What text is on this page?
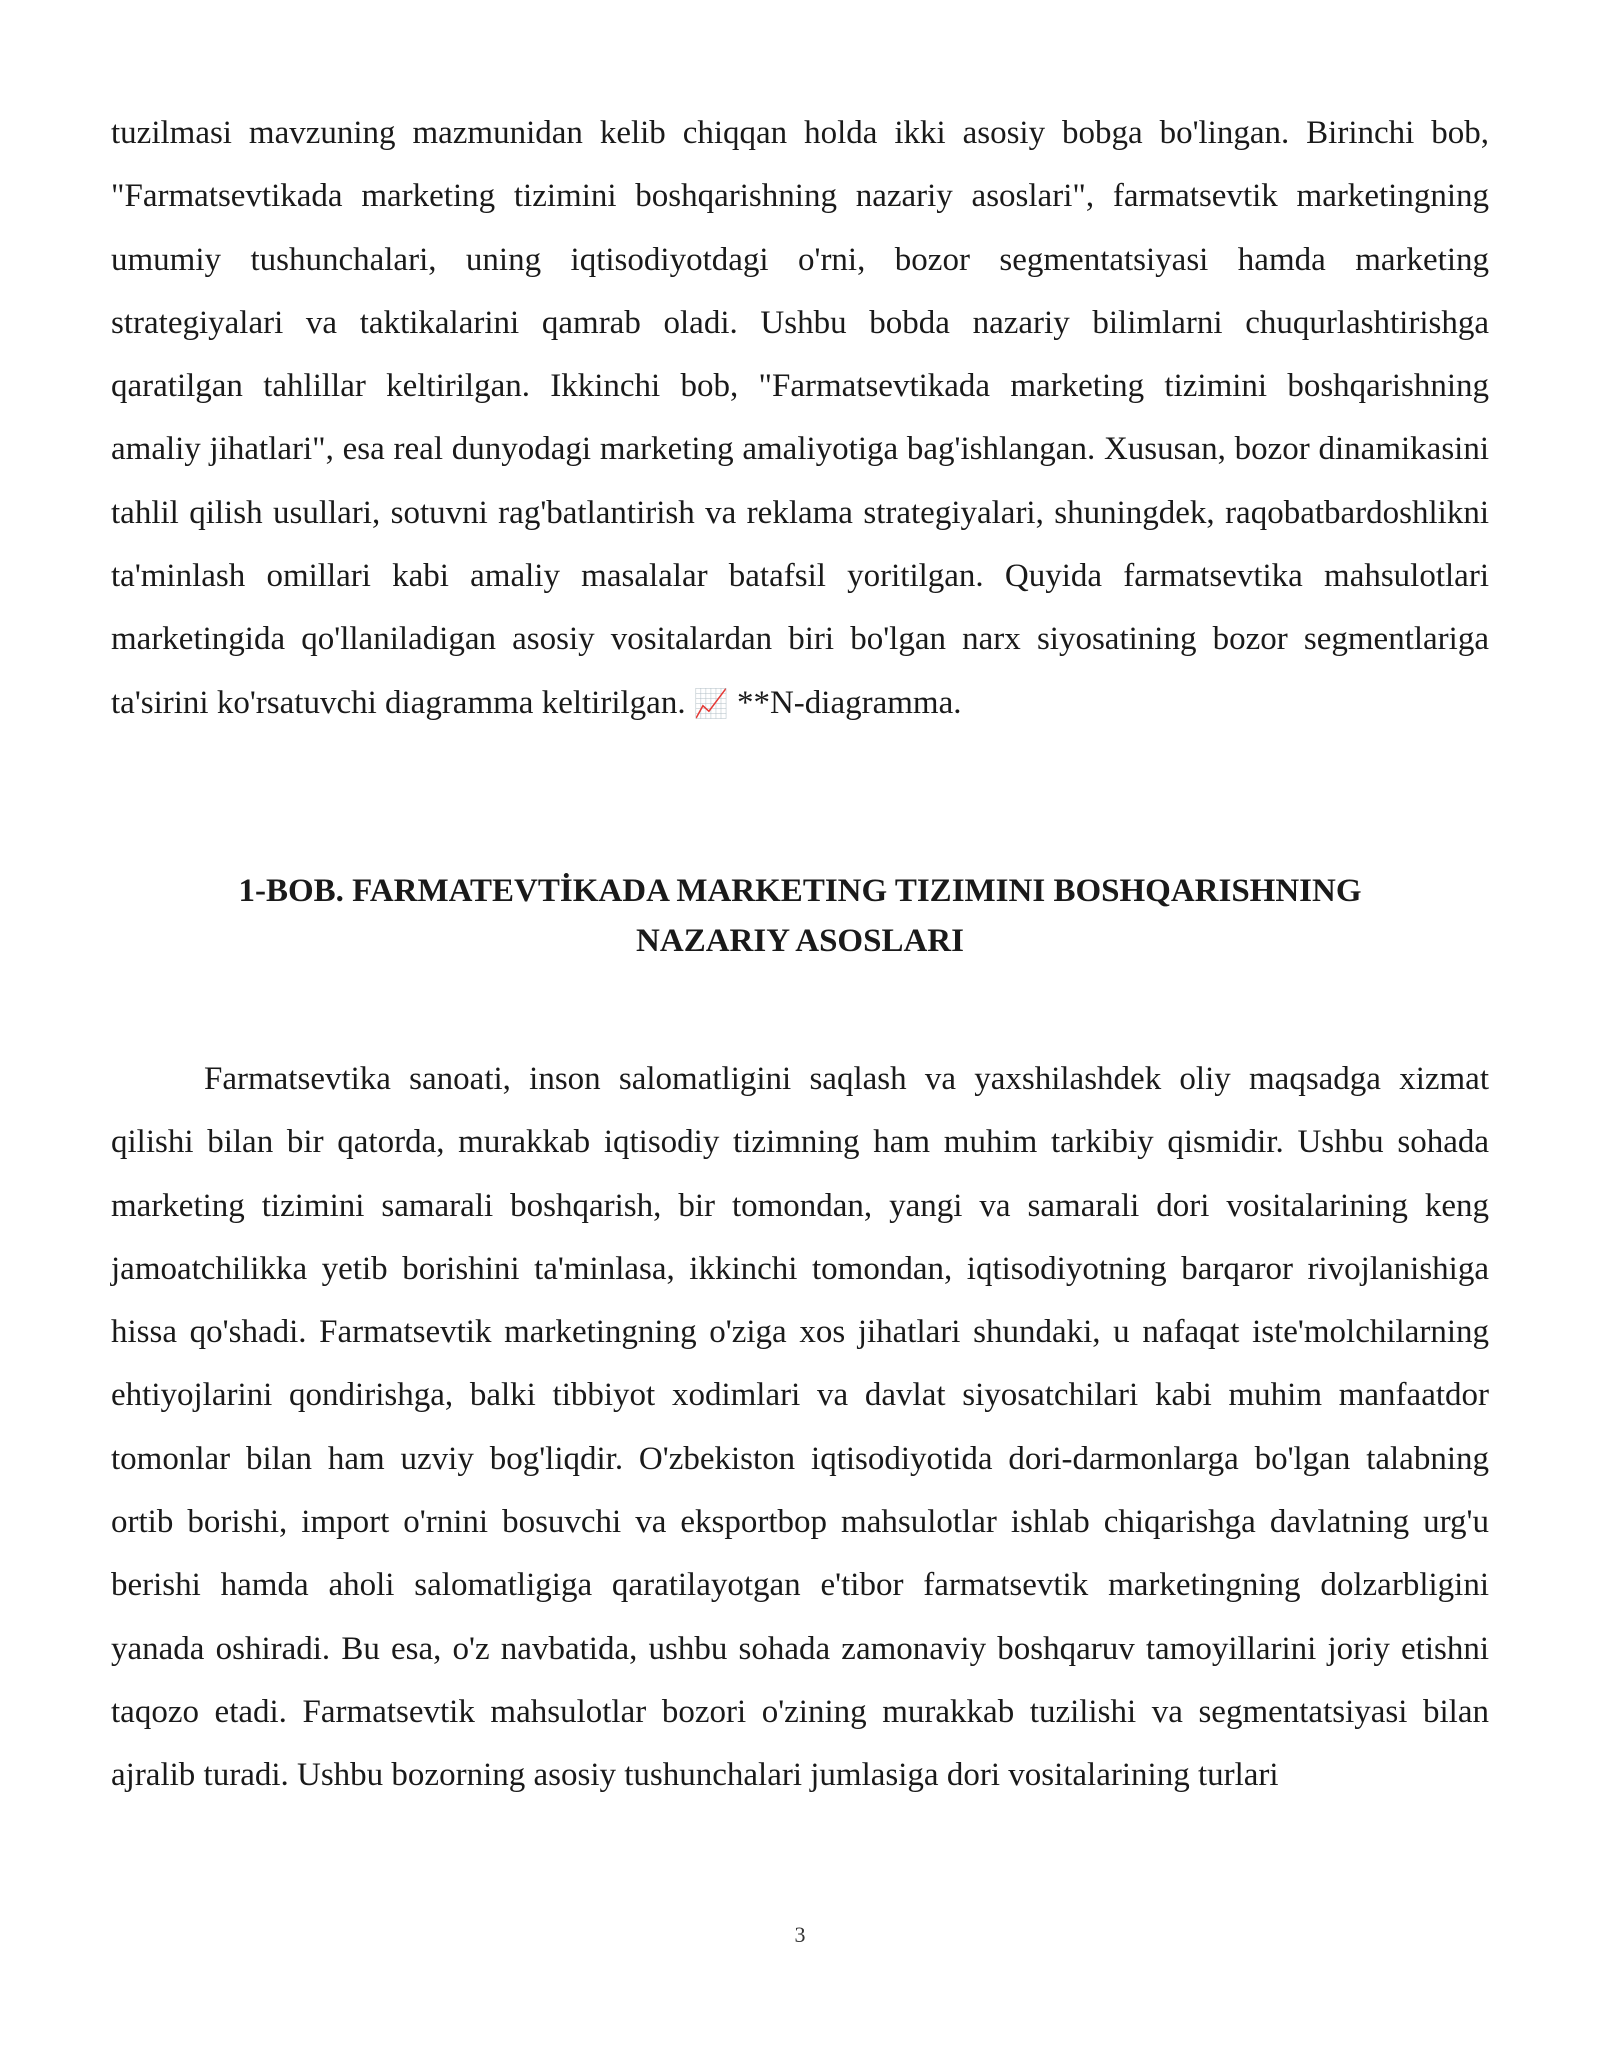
tuzilmasi mavzuning mazmunidan kelib chiqqan holda ikki asosiy bobga bo'lingan. Birinchi bob, "Farmatsevtikada marketing tizimini boshqarishning nazariy asoslari", farmatsevtik marketingning umumiy tushunchalari, uning iqtisodiyotdagi o'rni, bozor segmentatsiyasi hamda marketing strategiyalari va taktikalarini qamrab oladi. Ushbu bobda nazariy bilimlarni chuqurlashtirishga qaratilgan tahlillar keltirilgan. Ikkinchi bob, "Farmatsevtikada marketing tizimini boshqarishning amaliy jihatlari", esa real dunyodagi marketing amaliyotiga bag'ishlangan. Xususan, bozor dinamikasini tahlil qilish usullari, sotuvni rag'batlantirish va reklama strategiyalari, shuningdek, raqobatbardoshlikni ta'minlash omillari kabi amaliy masalalar batafsil yoritilgan. Quyida farmatsevtika mahsulotlari marketingida qo'llaniladigan asosiy vositalardan biri bo'lgan narx siyosatining bozor segmentlariga ta'sirini ko'rsatuvchi diagramma keltirilgan. 📈 **N-diagramma.

1-BOB. FARMATEVTİKADA MARKETING TIZIMINI BOSHQARISHNING
NAZARIY ASOSLARI

Farmatsevtika sanoati, inson salomatligini saqlash va yaxshilashdek oliy maqsadga xizmat qilishi bilan bir qatorda, murakkab iqtisodiy tizimning ham muhim tarkibiy qismidir. Ushbu sohada marketing tizimini samarali boshqarish, bir tomondan, yangi va samarali dori vositalarining keng jamoatchilikka yetib borishini ta'minlasa, ikkinchi tomondan, iqtisodiyotning barqaror rivojlanishiga hissa qo'shadi. Farmatsevtik marketingning o'ziga xos jihatlari shundaki, u nafaqat iste'molchilarning ehtiyojlarini qondirishga, balki tibbiyot xodimlari va davlat siyosatchilari kabi muhim manfaatdor tomonlar bilan ham uzviy bog'liqdir. O'zbekiston iqtisodiyotida dori-darmonlarga bo'lgan talabning ortib borishi, import o'rnini bosuvchi va eksportbop mahsulotlar ishlab chiqarishga davlatning urg'u berishi hamda aholi salomatligiga qaratilayotgan e'tibor farmatsevtik marketingning dolzarbligini yanada oshiradi. Bu esa, o'z navbatida, ushbu sohada zamonaviy boshqaruv tamoyillarini joriy etishni taqozo etadi. Farmatsevtik mahsulotlar bozori o'zining murakkab tuzilishi va segmentatsiyasi bilan ajralib turadi. Ushbu bozorning asosiy tushunchalari jumlasiga dori vositalarining turlari

3
